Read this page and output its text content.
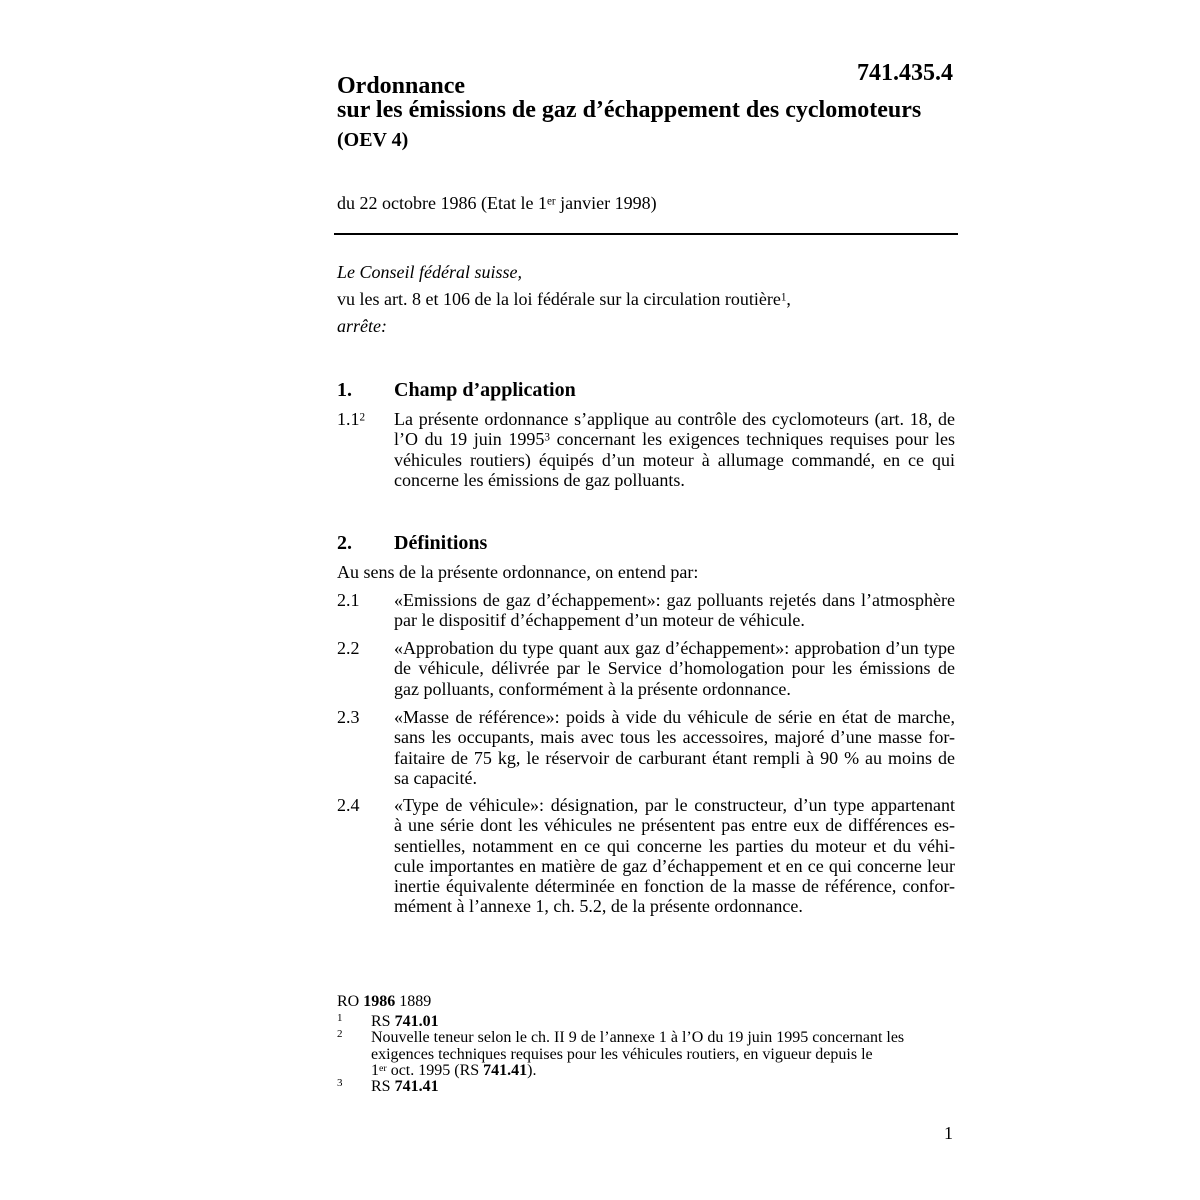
741.435.4
Ordonnance
sur les émissions de gaz d’échappement des cyclomoteurs
(OEV 4)
du 22 octobre 1986 (Etat le 1er janvier 1998)
Le Conseil fédéral suisse,
vu les art. 8 et 106 de la loi fédérale sur la circulation routière$^1$,
arrête:
1. Champ d’application
$1.1^2$ La présente ordonnance s’applique au contrôle des cyclomoteurs (art. 18, de
l’O du 19 juin 1995$^3$ concernant les exigences techniques requises pour les
véhicules routiers) équipés d’un moteur à allumage commandé, en ce qui
concerne les émissions de gaz polluants.
2. Définitions
Au sens de la présente ordonnance, on entend par:
2.1 «Emissions de gaz d’échappement»: gaz polluants rejetés dans l’atmosphère
par le dispositif d’échappement d’un moteur de véhicule.
2.2 «Approbation du type quant aux gaz d’échappement»: approbation d’un type
de véhicule, délivrée par le Service d’homologation pour les émissions de
gaz polluants, conformément à la présente ordonnance.
2.3 «Masse de référence»: poids à vide du véhicule de série en état de marche,
sans les occupants, mais avec tous les accessoires, majoré d’une masse for-
faitaire de 75 kg, le réservoir de carburant étant rempli à 90 % au moins de
sa capacité.
2.4 «Type de véhicule»: désignation, par le constructeur, d’un type appartenant
à une série dont les véhicules ne présentent pas entre eux de différences es-
sentielles, notamment en ce qui concerne les parties du moteur et du véhi-
cule importantes en matière de gaz d’échappement et en ce qui concerne leur
inertie équivalente déterminée en fonction de la masse de référence, confor-
mément à l’annexe 1, ch. 5.2, de la présente ordonnance.
RO 1986 1889
1 RS 741.01
2 Nouvelle teneur selon le ch. II 9 de l’annexe 1 à l’O du 19 juin 1995 concernant les
exigences techniques requises pour les véhicules routiers, en vigueur depuis le
1er oct. 1995 (RS 741.41).
3 RS 741.41
1
